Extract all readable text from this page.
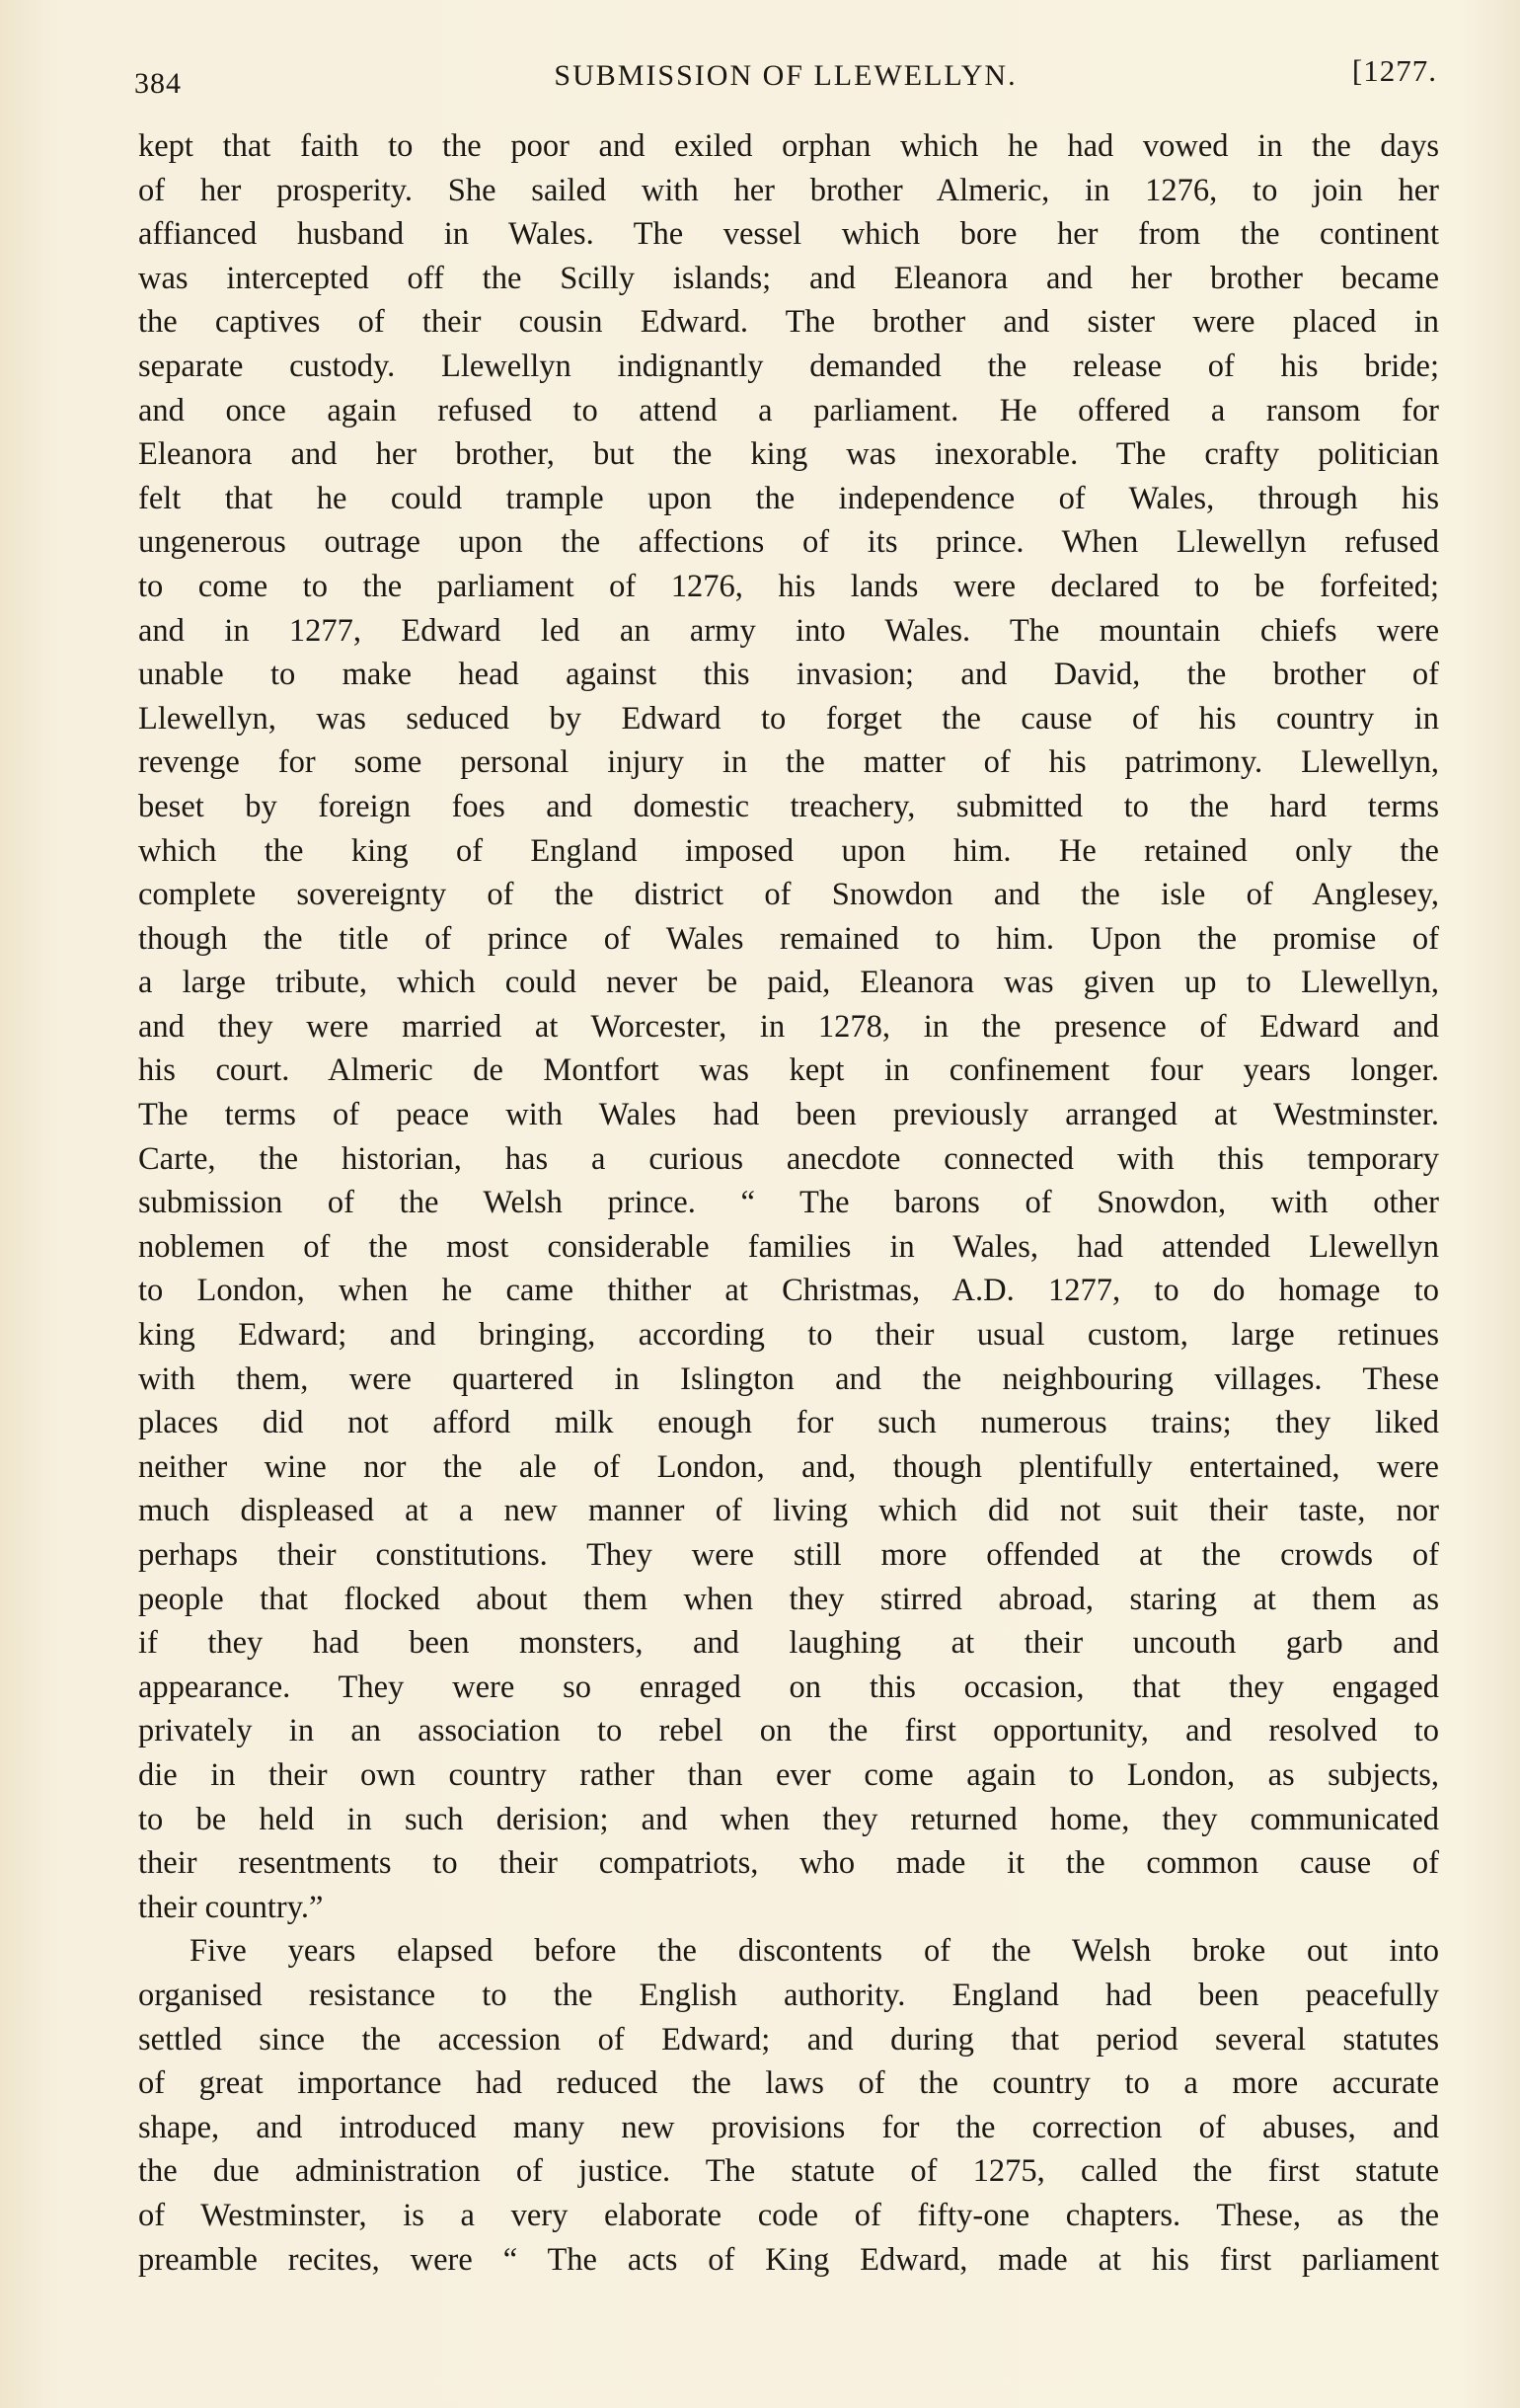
384	SUBMISSION OF LLEWELLYN.	[1277.
kept that faith to the poor and exiled orphan which he had vowed in the days
of her prosperity. She sailed with her brother Almeric, in 1276, to join her
affianced husband in Wales. The vessel which bore her from the continent
was intercepted off the Scilly islands; and Eleanora and her brother became
the captives of their cousin Edward. The brother and sister were placed in
separate custody. Llewellyn indignantly demanded the release of his bride;
and once again refused to attend a parliament. He offered a ransom for
Eleanora and her brother, but the king was inexorable. The crafty politician
felt that he could trample upon the independence of Wales, through his
ungenerous outrage upon the affections of its prince. When Llewellyn refused
to come to the parliament of 1276, his lands were declared to be forfeited;
and in 1277, Edward led an army into Wales. The mountain chiefs were
unable to make head against this invasion; and David, the brother of
Llewellyn, was seduced by Edward to forget the cause of his country in
revenge for some personal injury in the matter of his patrimony. Llewellyn,
beset by foreign foes and domestic treachery, submitted to the hard terms
which the king of England imposed upon him. He retained only the
complete sovereignty of the district of Snowdon and the isle of Anglesey,
though the title of prince of Wales remained to him. Upon the promise of
a large tribute, which could never be paid, Eleanora was given up to Llewellyn,
and they were married at Worcester, in 1278, in the presence of Edward and
his court. Almeric de Montfort was kept in confinement four years longer.
The terms of peace with Wales had been previously arranged at Westminster.
Carte, the historian, has a curious anecdote connected with this temporary
submission of the Welsh prince. “ The barons of Snowdon, with other
noblemen of the most considerable families in Wales, had attended Llewellyn
to London, when he came thither at Christmas, A.D. 1277, to do homage to
king Edward; and bringing, according to their usual custom, large retinues
with them, were quartered in Islington and the neighbouring villages. These
places did not afford milk enough for such numerous trains; they liked
neither wine nor the ale of London, and, though plentifully entertained, were
much displeased at a new manner of living which did not suit their taste, nor
perhaps their constitutions. They were still more offended at the crowds of
people that flocked about them when they stirred abroad, staring at them as
if they had been monsters, and laughing at their uncouth garb and
appearance. They were so enraged on this occasion, that they engaged
privately in an association to rebel on the first opportunity, and resolved to
die in their own country rather than ever come again to London, as subjects,
to be held in such derision; and when they returned home, they communicated
their resentments to their compatriots, who made it the common cause of
their country.”
Five years elapsed before the discontents of the Welsh broke out into
organised resistance to the English authority. England had been peacefully
settled since the accession of Edward; and during that period several statutes
of great importance had reduced the laws of the country to a more accurate
shape, and introduced many new provisions for the correction of abuses, and
the due administration of justice. The statute of 1275, called the first statute
of Westminster, is a very elaborate code of fifty-one chapters. These, as the
preamble recites, were “ The acts of King Edward, made at his first parliament
